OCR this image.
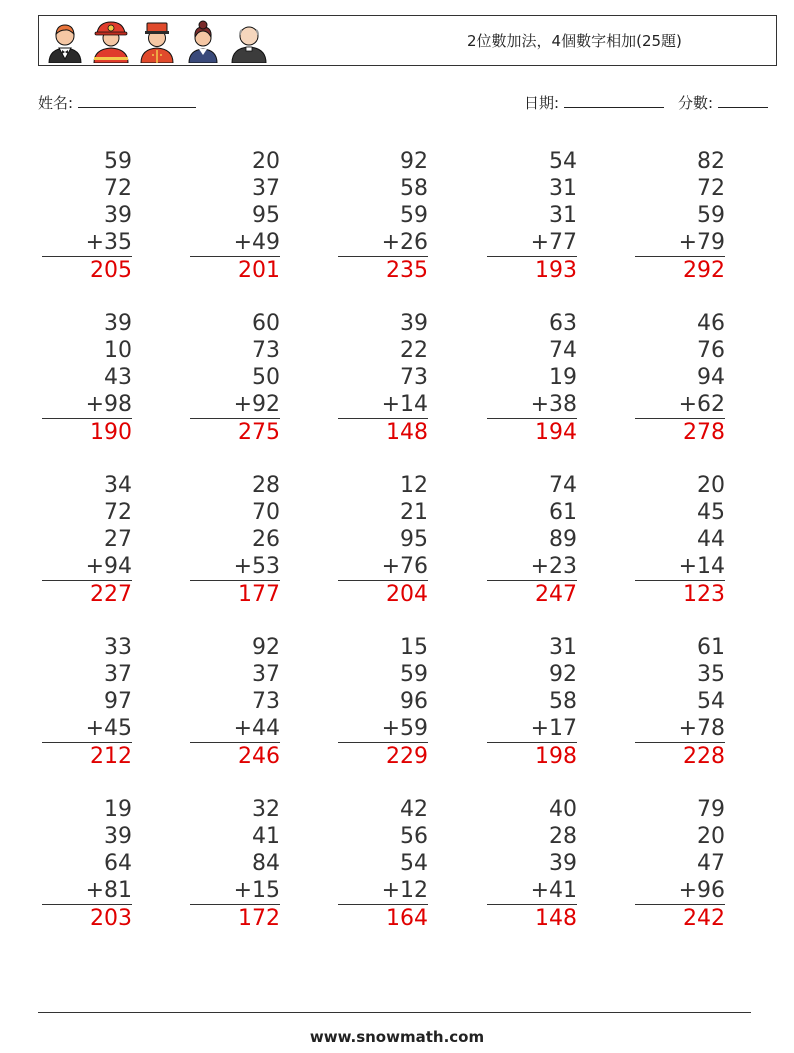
2位數加法，4個數字相加(25題)
姓名:	日期:	分數:
59
72
39
+35
205
20
37
95
+49
201
92
58
59
+26
235
54
31
31
+77
193
82
72
59
+79
292
39
10
43
+98
190
60
73
50
+92
275
39
22
73
+14
148
63
74
19
+38
194
46
76
94
+62
278
34
72
27
+94
227
28
70
26
+53
177
12
21
95
+76
204
74
61
89
+23
247
20
45
44
+14
123
33
37
97
+45
212
92
37
73
+44
246
15
59
96
+59
229
31
92
58
+17
198
61
35
54
+78
228
19
39
64
+81
203
32
41
84
+15
172
42
56
54
+12
164
40
28
39
+41
148
79
20
47
+96
242
www.snowmath.com
